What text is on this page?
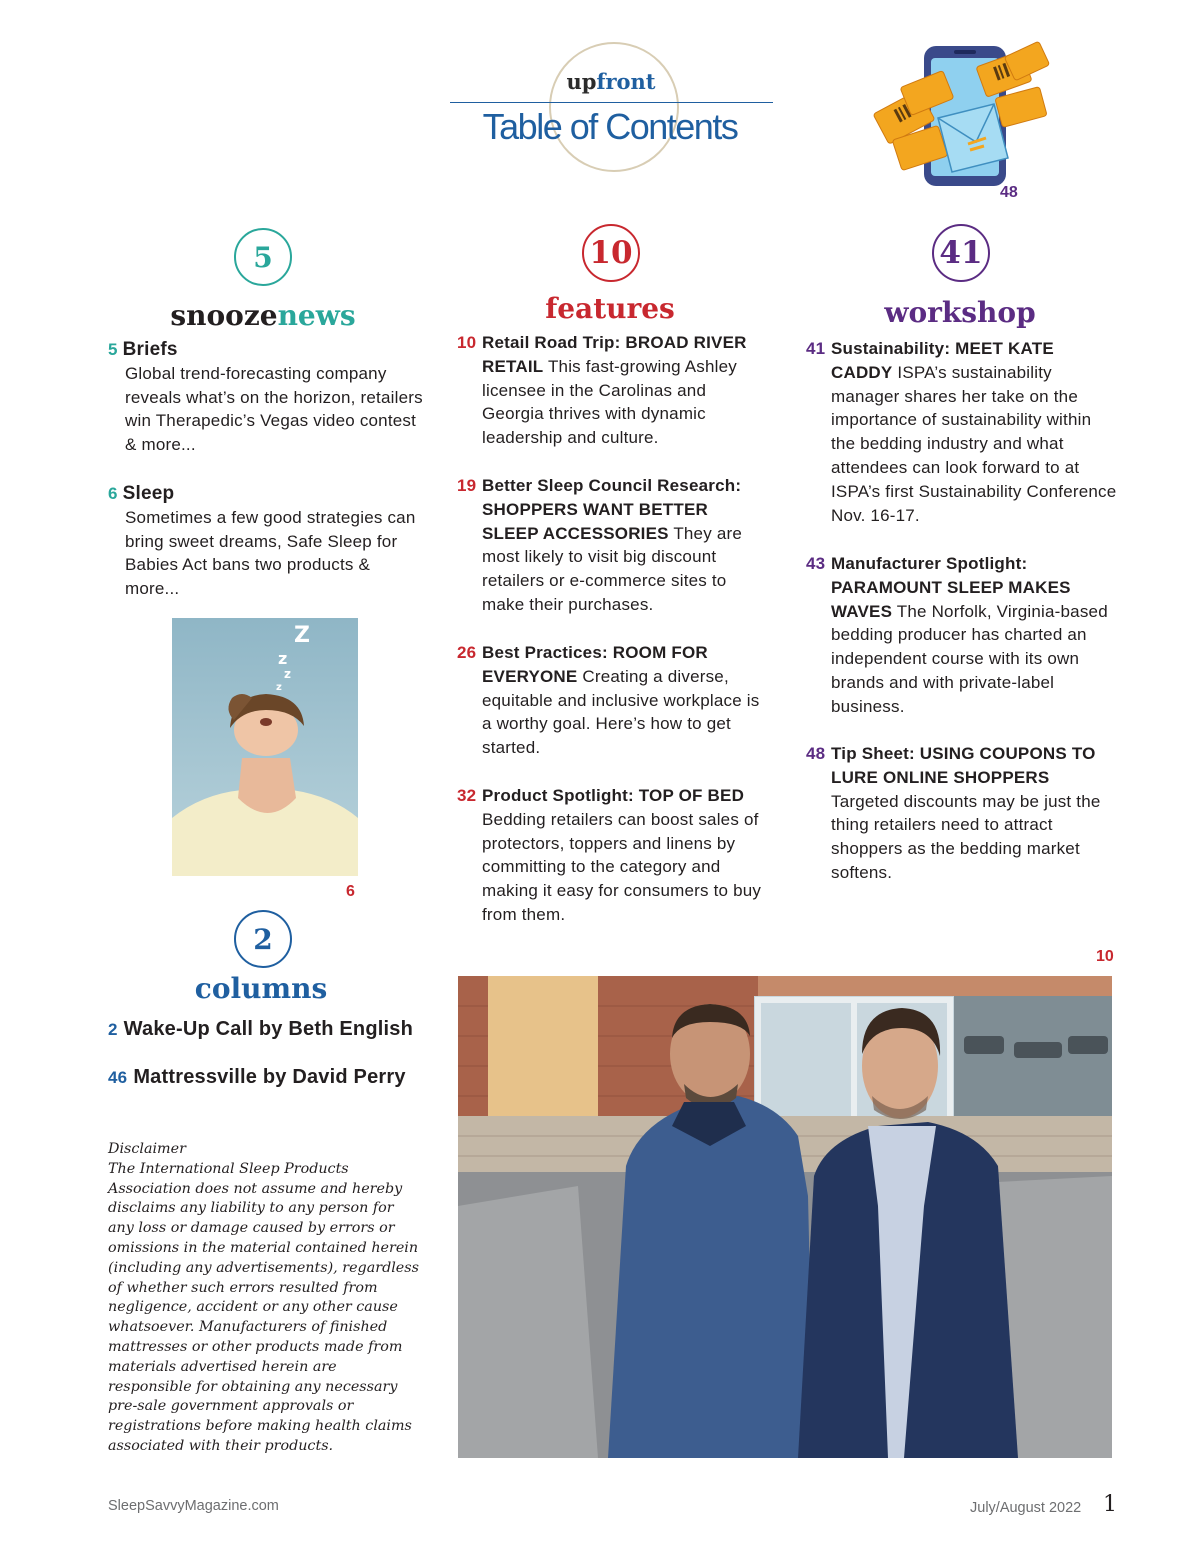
upfront
Table of Contents
48
5
snoozenews
10
features
41
workshop
2
columns
5 Briefs
Global trend-forecasting company reveals what’s on the horizon, retailers win Therapedic’s Vegas video contest & more...
6 Sleep
Sometimes a few good strategies can bring sweet dreams, Safe Sleep for Babies Act bans two products & more...
Z
z
z
z
6
10 Retail Road Trip: BROAD RIVER RETAIL This fast-growing Ashley licensee in the Carolinas and Georgia thrives with dynamic leadership and culture.
19 Better Sleep Council Research: SHOPPERS WANT BETTER SLEEP ACCESSORIES They are most likely to visit big discount retailers or e-commerce sites to make their purchases.
26 Best Practices: ROOM FOR EVERYONE Creating a diverse, equitable and inclusive workplace is a worthy goal. Here’s how to get started.
32 Product Spotlight: TOP OF BED Bedding retailers can boost sales of protectors, toppers and linens by committing to the category and making it easy for consumers to buy from them.
41 Sustainability: MEET KATE CADDY ISPA’s sustainability manager shares her take on the importance of sustainability within the bedding industry and what attendees can look forward to at ISPA’s first Sustainability Conference Nov. 16-17.
43 Manufacturer Spotlight: PARAMOUNT SLEEP MAKES WAVES The Norfolk, Virginia-based bedding producer has charted an independent course with its own brands and with private-label business.
48 Tip Sheet: USING COUPONS TO LURE ONLINE SHOPPERS Targeted discounts may be just the thing retailers need to attract shoppers as the bedding market softens.
2 Wake-Up Call by Beth English
46 Mattressville by David Perry
10
Disclaimer
The International Sleep Products Association does not assume and hereby disclaims any liability to any person for any loss or damage caused by errors or omissions in the material contained herein (including any advertisements), regardless of whether such errors resulted from negligence, accident or any other cause whatsoever. Manufacturers of finished mattresses or other products made from materials advertised herein are responsible for obtaining any necessary pre-sale government approvals or registrations before making health claims associated with their products.
SleepSavvyMagazine.com	July/August 2022 1
